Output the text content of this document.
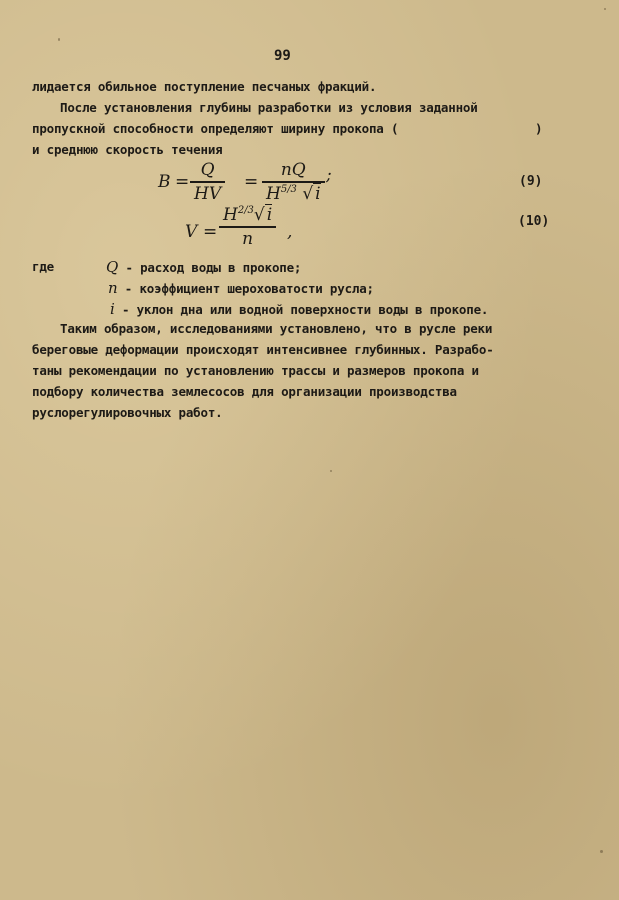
99
лидается обильное поступление песчаных фракций.
После установления глубины разработки из условия заданной
пропускной способности определяют ширину прокопа (	)
и среднюю скорость течения
B =
Q
HV
=
nQ
$H^{5/3}$ √ i
;	(9)
V =
$H^{2/3}√$ i
n ,
(10)
где	Q - расход воды в прокопе;
n - коэффициент шероховатости русла;
i - уклон дна или водной поверхности воды в прокопе.
Таким образом, исследованиями установлено, что в русле реки
береговые деформации происходят интенсивнее глубинных. Разрабо-
таны рекомендации по установлению трассы и размеров прокопа и
подбору количества землесосов для организации производства
руслорегулировочных работ.
